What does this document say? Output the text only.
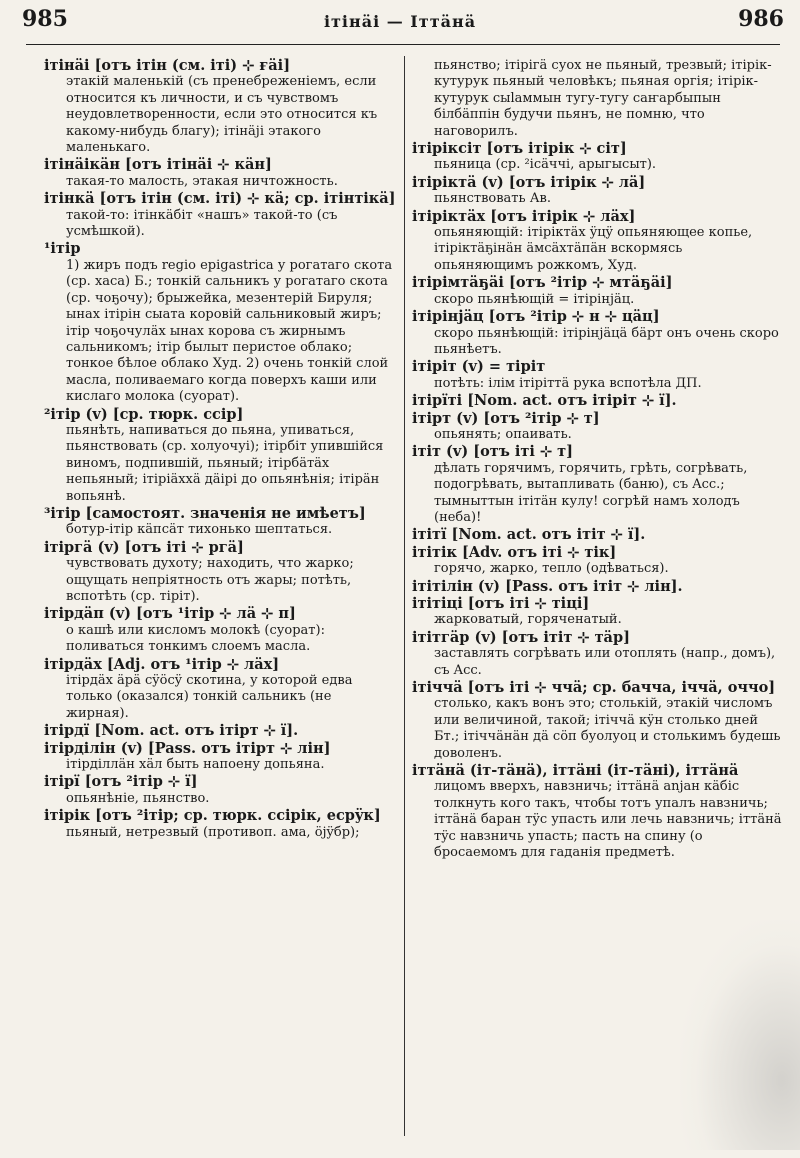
985	ітінäі — Іттäнä	986
ітінäі [отъ ітін (см. іті) ⊹ ғäі]
этакій маленькій (съ пренебреженіемъ, если относится къ личности, и съ чувствомъ неудовлетворенности, если это относится къ какому-нибудь благу); ітінäjі этакого маленькаго.
ітінäікäн [отъ ітінäі ⊹ кäн]
такая-то малость, этакая ничтожность.
ітінкä [отъ ітін (см. іті) ⊹ кä; ср. ітінтікä]
такой-то: ітінкäбіт «нашъ» такой-то (съ усмѣшкой).
¹ітір
1) жиръ подъ regio epigastrica у рогатаго скота (ср. хаса) Б.; тонкій сальникъ у рогатаго скота (ср. чоҕочу); брыжейка, мезентерій Бируля; ынах ітірін сыата коровій сальниковый жиръ; ітір чоҕочулäх ынах корова съ жирнымъ сальникомъ; ітір былыт перистое облако; тонкое бѣлое облако Худ. 2) очень тонкій слой масла, поливаемаго когда поверхъ каши или кислаго молока (суорат).
²ітір (v) [ср. тюрк. ссір]
пьянѣть, напиваться до пьяна, упиваться, пьянствовать (ср. холуочуі); ітірбіт упившійся виномъ, подпившій, пьяный; ітірбäтäх непьяный; ітіріäххä дäірі до опьянѣнія; ітірäн вопьянѣ.
³ітір [самостоят. значенія не имѣетъ]
ботур-ітір кäпсäт тихонько шептаться.
ітіргä (v) [отъ іті ⊹ ргä]
чувствовать духоту; находить, что жарко; ощущать непріятность отъ жары; потѣть, вспотѣть (ср. тіріт).
ітірдäп (v) [отъ ¹ітір ⊹ лä ⊹ п]
о кашѣ или кисломъ молокѣ (суорат): поливаться тонкимъ слоемъ масла.
ітірдäх [Adj. отъ ¹ітір ⊹ лäх]
ітірдäх äрä сÿöсÿ скотина, у которой едва только (оказался) тонкій сальникъ (не жирная).
ітірдї [Nom. act. отъ ітірт ⊹ ї].
ітірділін (v) [Pass. отъ ітірт ⊹ лін]
ітірділлäн хäл быть напоену допьяна.
ітірї [отъ ²ітір ⊹ ї]
опьянѣніе, пьянство.
ітірік [отъ ²ітір; ср. тюрк. ссірік, есрÿк]
пьяный, нетрезвый (противоп. ама, öjÿбр);
пьянство; ітірігä суох не пьяный, трезвый; ітірік-кутурук пьяный человѣкъ; пьяная оргія; ітірік-кутурук сыlаммын тугу-тугу саҥарбыпын бiлбäппiн будучи пьянъ, не помню, что наговорилъ.
ітіріксіт [отъ ітірік ⊹ сіт]
пьяница (ср. ²ісäччі, арыгысыт).
ітіріктä (v) [отъ ітірік ⊹ лä]
пьянствовать Ав.
ітіріктäх [отъ ітірік ⊹ лäх]
опьяняющій: ітіріктäх ÿцÿ опьяняющее копье, ітіріктäҕінäн äмсäхтäпäн вскормясь опьяняющимъ рожкомъ, Худ.
ітірімтäҕäі [отъ ²ітір ⊹ мтäҕäі]
скоро пьянѣющій = ітірінjäц.
ітірінjäц [отъ ²ітір ⊹ н ⊹ цäц]
скоро пьянѣющій: ітірінjäцä бäрт онъ очень скоро пьянѣетъ.
ітіріт (v) = тіріт
потѣть: ілім ітіріттä рука вспотѣла ДП.
ітірїті [Nom. act. отъ ітіріт ⊹ ї].
ітірт (v) [отъ ²ітір ⊹ т]
опьянять; опаивать.
ітіт (v) [отъ іті ⊹ т]
дѣлать горячимъ, горячить, грѣть, согрѣвать, подогрѣвать, вытапливать (баню), съ Acc.; тымныттын ітітäн кулу! согрѣй намъ холодъ (неба)!
ітітї [Nom. act. отъ ітіт ⊹ ї].
ітітік [Adv. отъ іті ⊹ тік]
горячо, жарко, тепло (одѣваться).
ітітілін (v) [Pass. отъ ітіт ⊹ лін].
ітітiцi [отъ іті ⊹ тiцi]
жарковатый, горяченатый.
ітітгäр (v) [отъ ітіт ⊹ тäр]
заставлять согрѣвать или отоплять (напр., домъ), съ Acc.
ітіччä [отъ іті ⊹ ччä; ср. бачча, іччä, оччо]
столько, какъ вонъ это; столькій, этакій числомъ или величиной, такой; ітіччä кÿн столько дней Бт.; ітіччäнäн дä сöп буолуоц и столькимъ будешь доволенъ.
іттäнä (іт-тäнä), іттäні (іт-тäні), іттäнä
лицомъ вверхъ, навзничь; іттäнä аnjан кäбіс толкнуть кого такъ, чтобы тотъ упалъ навзничь; іттäнä баран тÿс упасть или лечь навзничь; іттäнä тÿс навзничь упасть; пасть на спину (о бросаемомъ для гаданія предметѣ.
